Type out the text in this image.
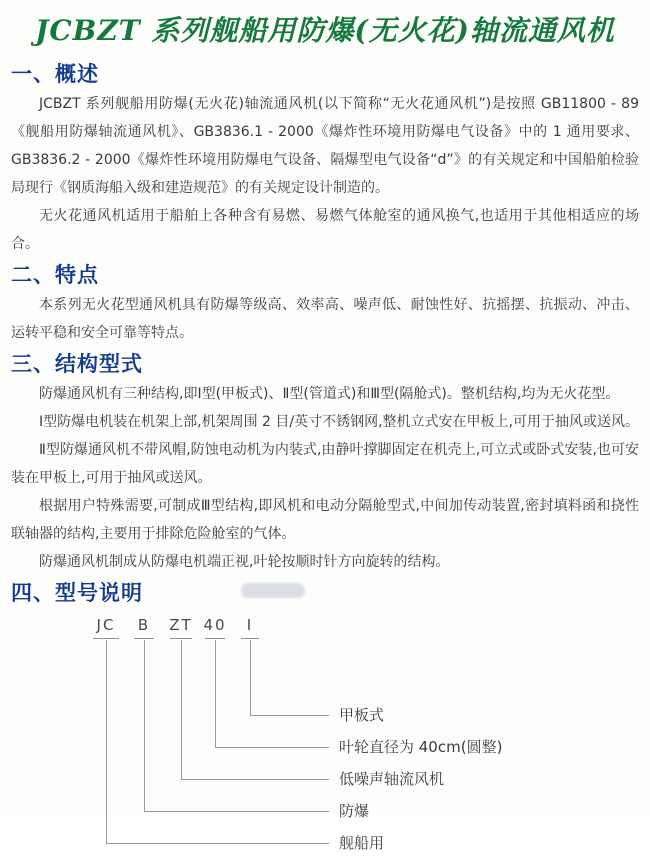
JCBZT 系列舰船用防爆(无火花)轴流通风机
一、概述

JCBZT 系列舰船用防爆(无火花)轴流通风机(以下简称“无火花通风机”)是按照 GB11800 - 89《舰船用防爆轴流通风机》、GB3836.1 - 2000《爆炸性环境用防爆电气设备》中的 1 通用要求、GB3836.2 - 2000《爆炸性环境用防爆电气设备、隔爆型电气设备“d”》的有关规定和中国船舶检验局现行《钢质海船入级和建造规范》的有关规定设计制造的。

无火花通风机适用于船舶上各种含有易燃、易燃气体舱室的通风换气,也适用于其他相适应的场合。

二、特点

本系列无火花型通风机具有防爆等级高、效率高、噪声低、耐蚀性好、抗摇摆、抗振动、冲击、运转平稳和安全可靠等特点。

三、结构型式

防爆通风机有三种结构,即Ⅰ型(甲板式)、Ⅱ型(管道式)和Ⅲ型(隔舱式)。整机结构,均为无火花型。

Ⅰ型防爆电机装在机架上部,机架周围 2 目/英寸不锈钢网,整机立式安在甲板上,可用于抽风或送风。

Ⅱ型防爆通风机不带风帽,防蚀电动机为内装式,由静叶撑脚固定在机壳上,可立式或卧式安装,也可安装在甲板上,可用于抽风或送风。

根据用户特殊需要,可制成Ⅲ型结构,即风机和电动分隔舱型式,中间加传动装置,密封填料函和挠性联轴器的结构,主要用于排除危险舱室的气体。

防爆通风机制成从防爆电机端正视,叶轮按顺时针方向旋转的结构。

四、型号说明
JC	B	ZT 40	Ⅰ
甲板式
叶轮直径为 40cm(圆整)
低噪声轴流风机
防爆
舰船用
